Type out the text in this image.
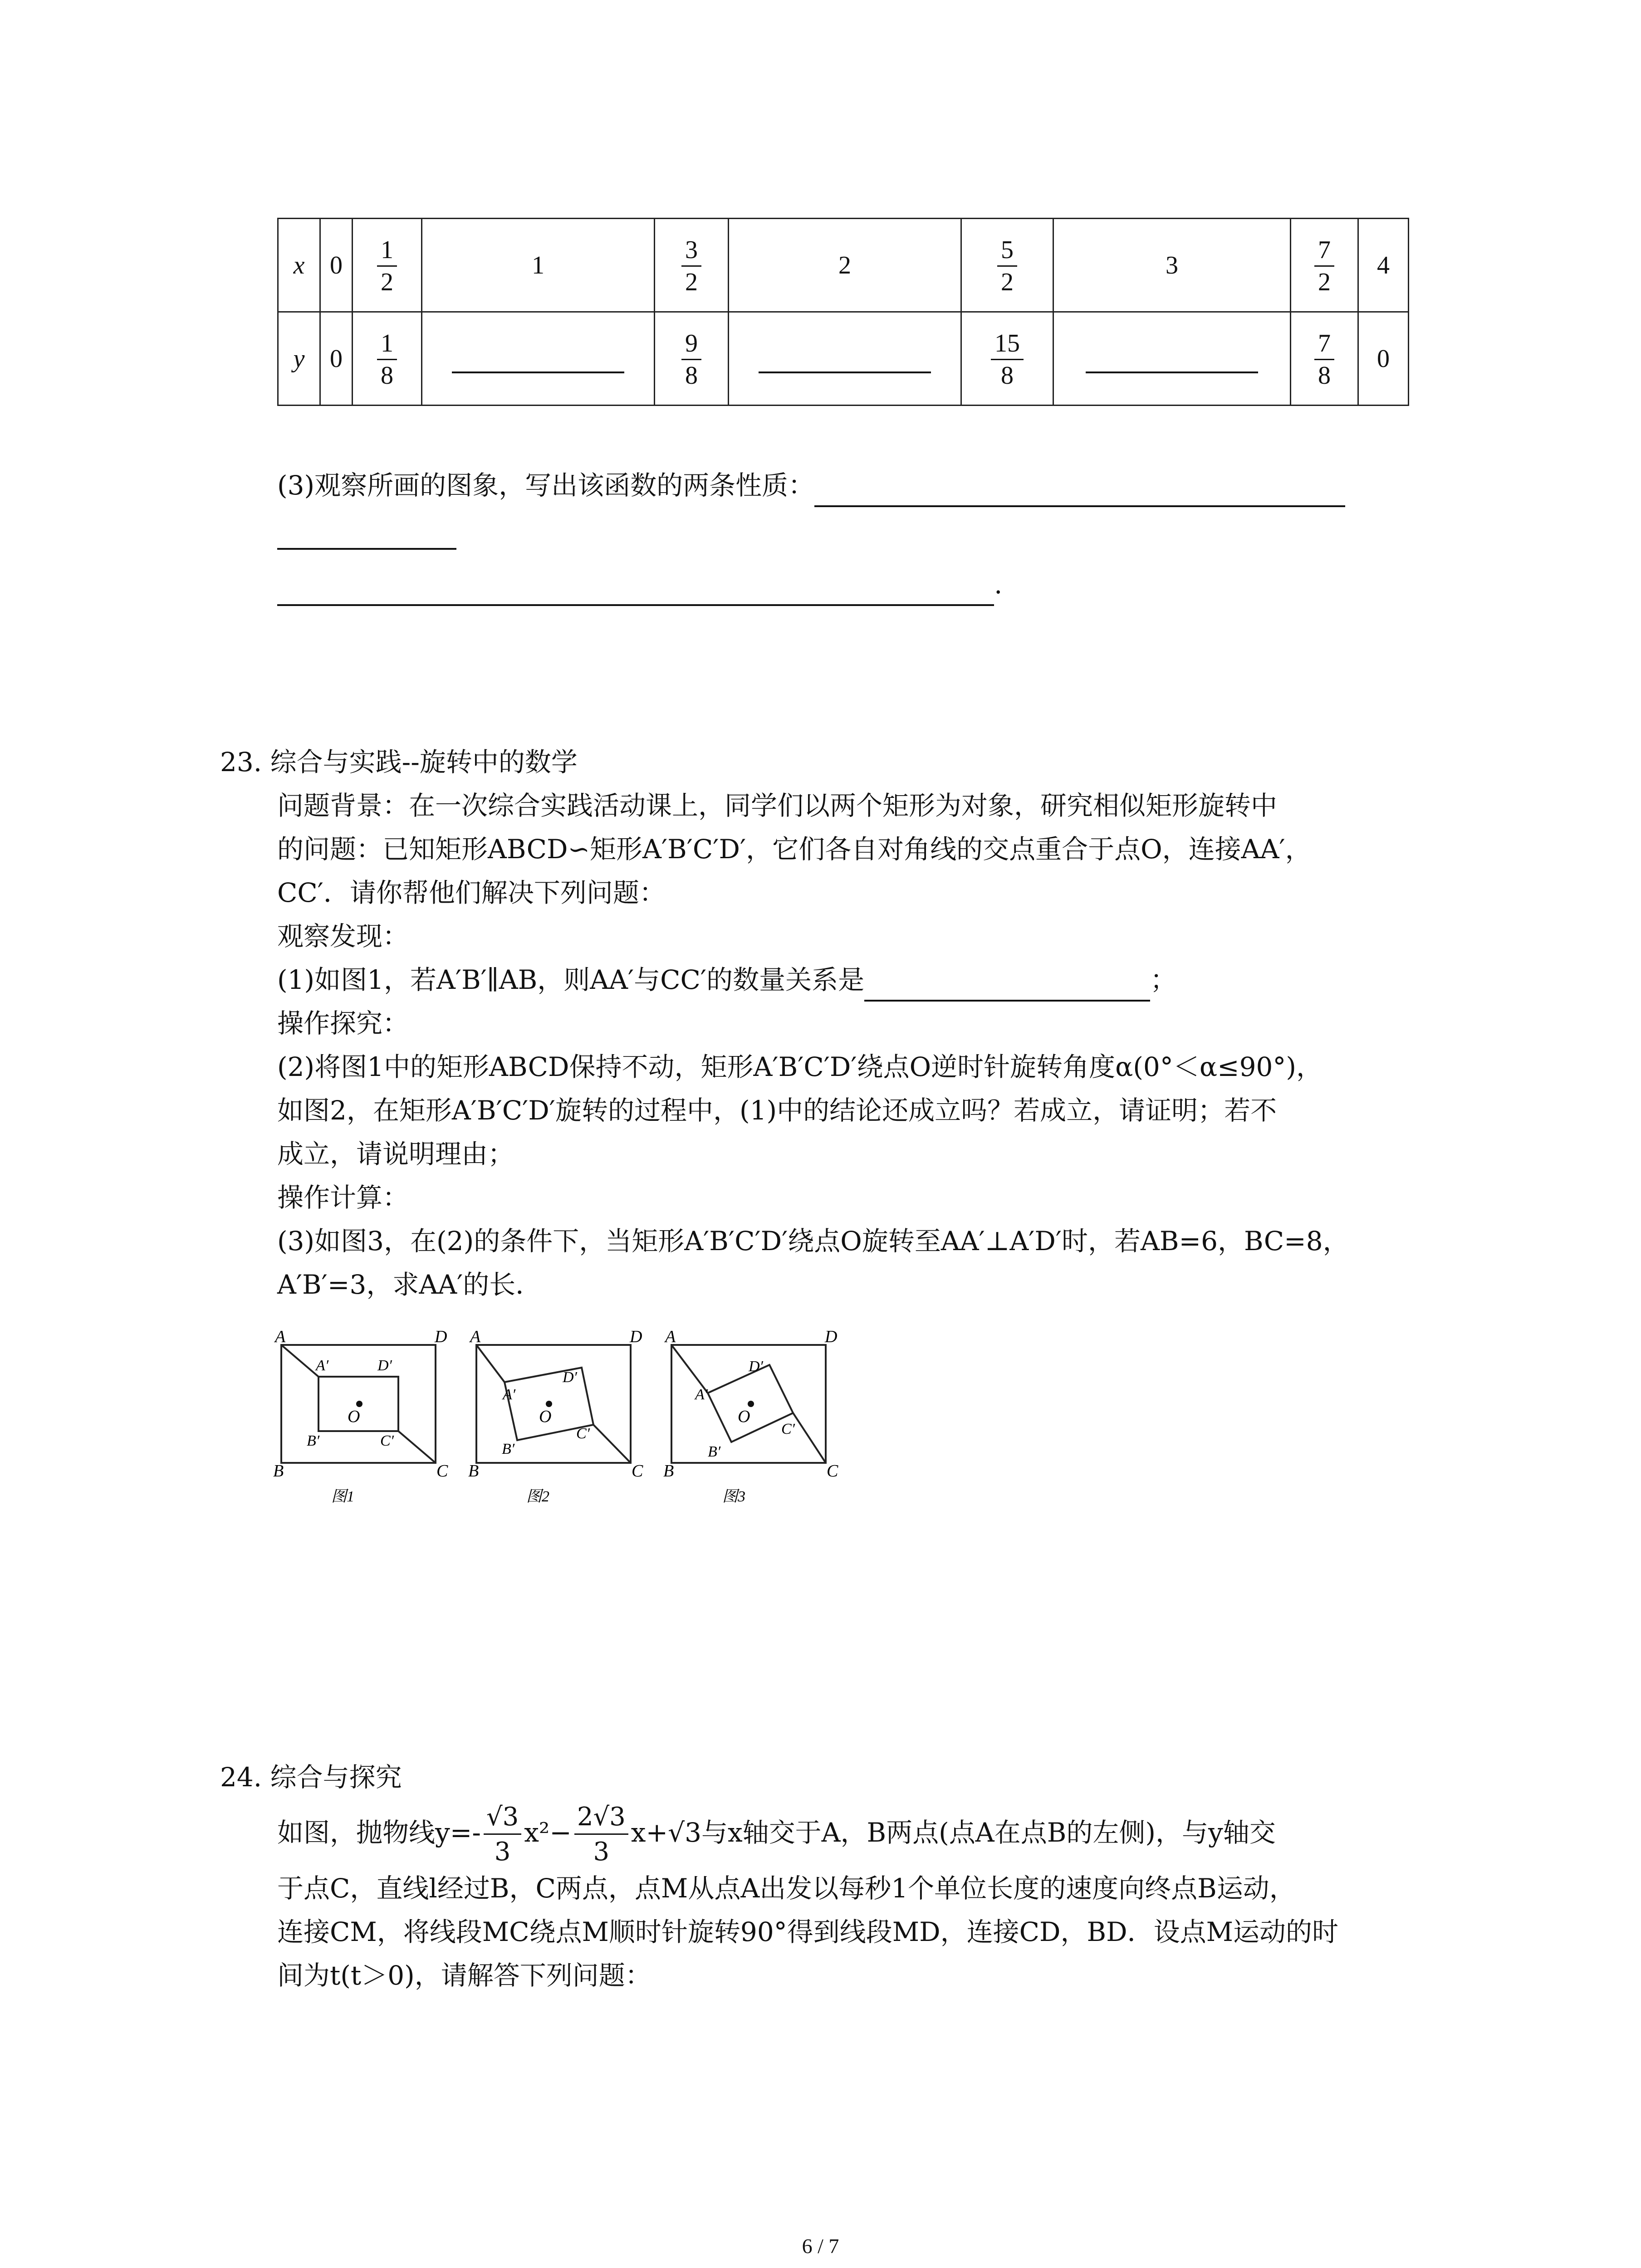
x	0	$\frac{1}{2}$	1	$\frac{3}{2}$	2	$\frac{5}{2}$	3	$\frac{7}{2}$	4
y	0	$\frac{1}{8}$		$\frac{9}{8}$		$\frac{15}{8}$		$\frac{7}{8}$	0
(3)观察所画的图象，写出该函数的两条性质：
.
23. 综合与实践--旋转中的数学
问题背景：在一次综合实践活动课上，同学们以两个矩形为对象，研究相似矩形旋转中
的问题：已知矩形ABCD∽矩形A′B′C′D′，它们各自对角线的交点重合于点O，连接AA′，
CC′．请你帮他们解决下列问题：
观察发现：
(1)如图1，若A′B′∥AB，则AA′与CC′的数量关系是	；
操作探究：
(2)将图1中的矩形ABCD保持不动，矩形A′B′C′D′绕点O逆时针旋转角度α(0°＜α≤90°)，
如图2，在矩形A′B′C′D′旋转的过程中，(1)中的结论还成立吗？若成立，请证明；若不
成立，请说明理由；
操作计算：
(3)如图3，在(2)的条件下，当矩形A′B′C′D′绕点O旋转至AA′⊥A′D′时，若AB=6，BC=8，
A′B′=3，求AA′的长．
A	D
B	C
A′	D′
B′	C′
O
图1
A	D
B	C
A′
D′
B′
C′
O
图2
A	D
B	C
A′
D′
B′
C′
O
图3
24. 综合与探究
如图，抛物线$y=- \frac{√3}{3} x^2- \frac{2√3}{3} x+√3$与x轴交于A，B两点(点A在点B的左侧)，与y轴交
于点C，直线l经过B，C两点，点M从点A出发以每秒1个单位长度的速度向终点B运动，
连接CM，将线段MC绕点M顺时针旋转90°得到线段MD，连接CD，BD．设点M运动的时
间为t(t＞0)，请解答下列问题：
6 / 7
